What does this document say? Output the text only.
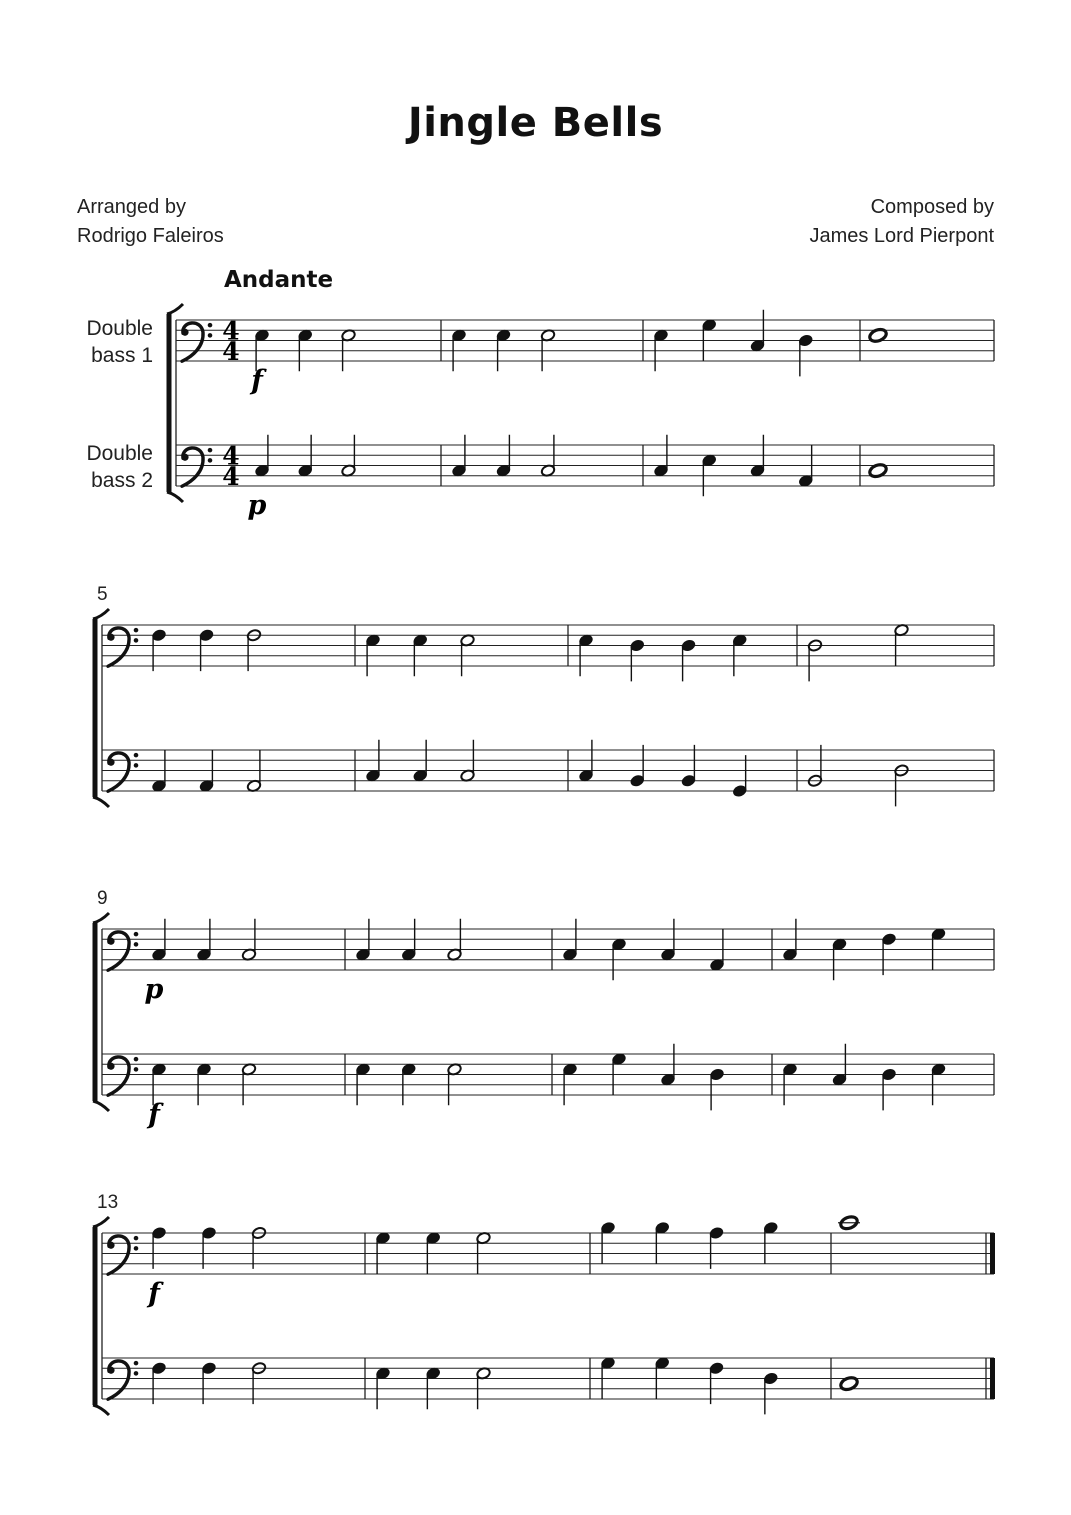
Jingle Bells
Arranged by
Rodrigo Faleiros
Composed by
James Lord Pierpont
Andante
Double
bass 1
Double
bass 2
4
4
4
4
f
p
5
9
p
f
13
f
